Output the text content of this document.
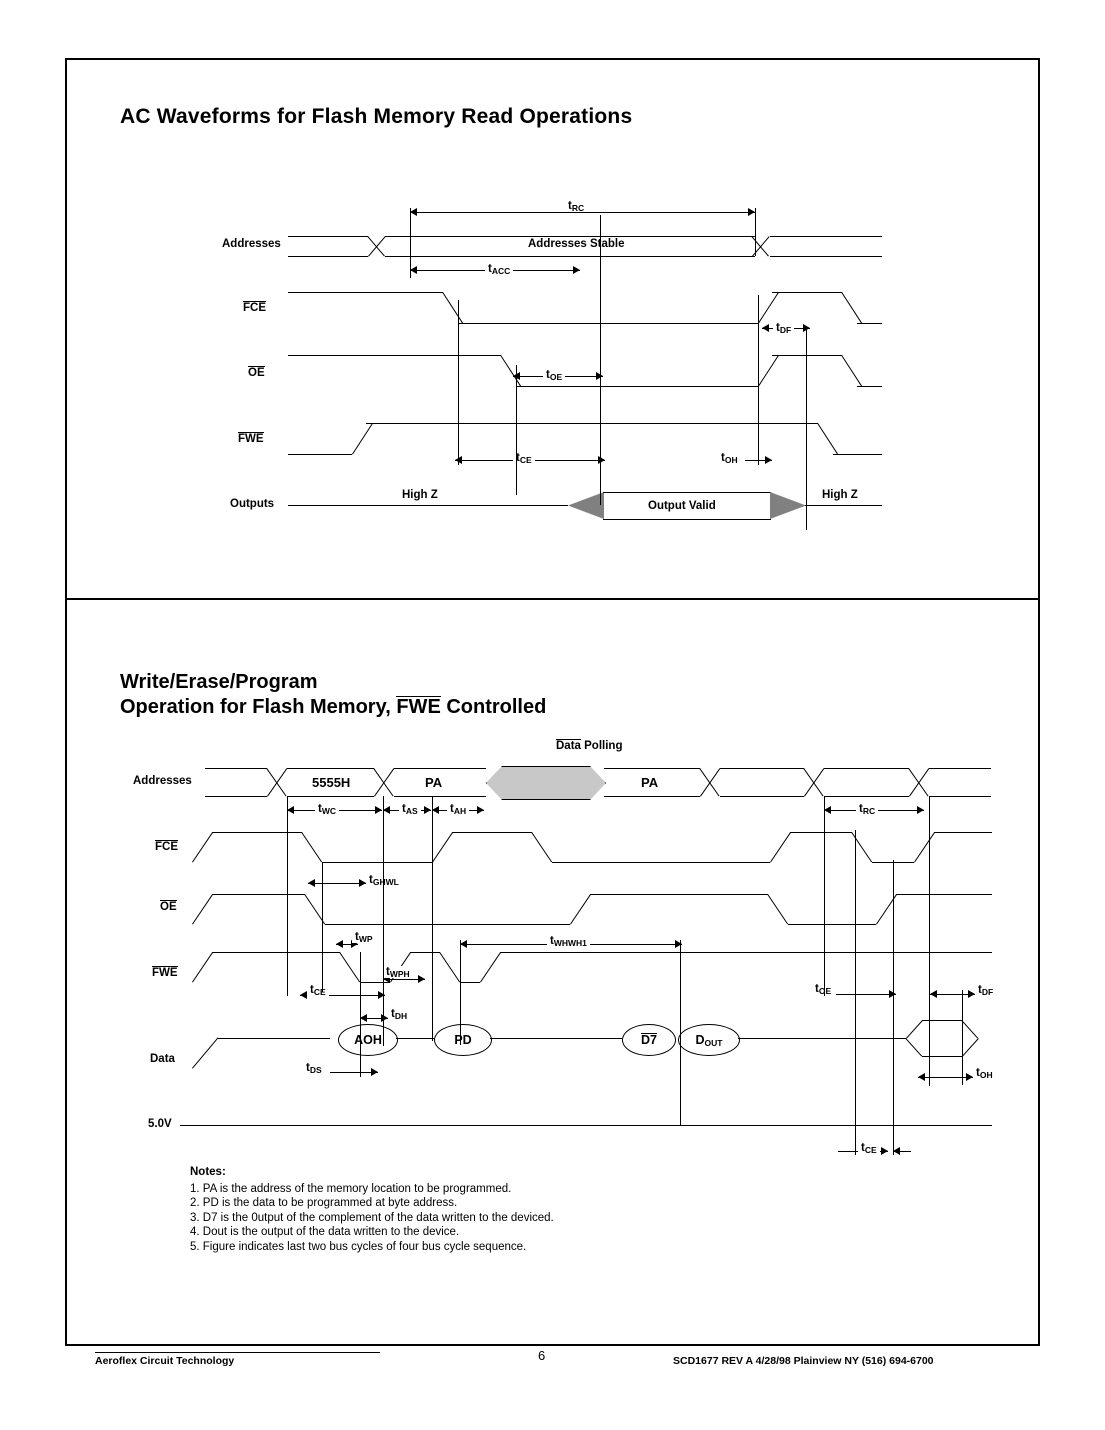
AC Waveforms for Flash Memory Read Operations
Addresses
FCE
OE
FWE
Outputs
Addresses Stable
tRC
tACC
tDF
tOE
tCE	tOH
High Z
Output Valid
High Z
Write/Erase/Program
Operation for Flash Memory, FWE Controlled
Addresses
FCE
OE
FWE
Data
5.0V
Data Polling
5555H	PA	PA
tWC	tAS	tAH	tRC
tGHWL
tWP	tWHWH1
tWPH
tCE
tDH
tOE	tDF
AOH	PD	D7	DOUT
tDS	tOH
tCE
Notes:
1. PA is the address of the memory location to be programmed.
2. PD is the data to be programmed at byte address.
3. D7 is the 0utput of the complement of the data written to the deviced.
4. Dout is the output of the data written to the device.
5. Figure indicates last two bus cycles of four bus cycle sequence.
Aeroflex Circuit Technology	6	SCD1677 REV A 4/28/98 Plainview NY (516) 694-6700
